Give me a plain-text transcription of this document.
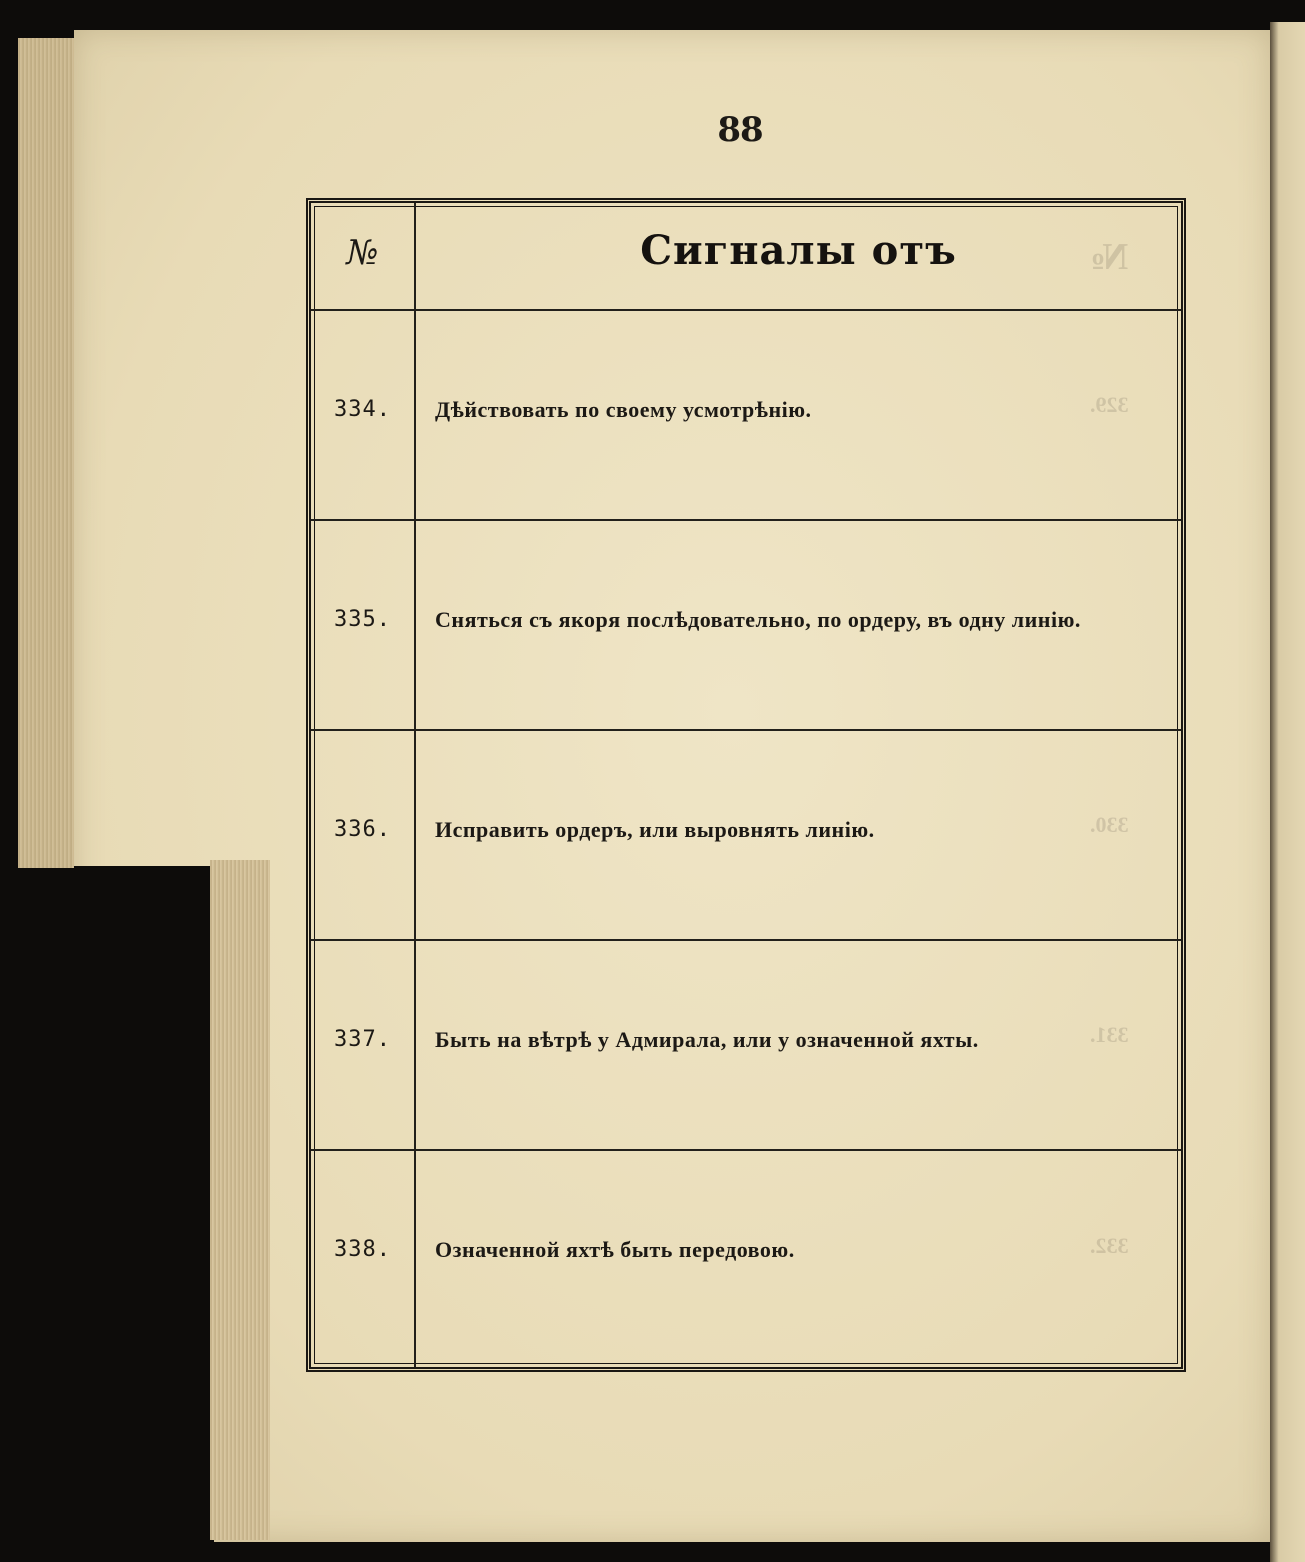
№
329.
330.
331.
332.
88
№	Сигналы отъ
334.	Дѣйствовать по своему усмотрѣнію.
335.	Сняться съ якоря послѣдовательно, по ордеру, въ одну линію.
336.	Исправить ордеръ, или выровнять линію.
337.	Быть на вѣтрѣ у Адмирала, или у означенной яхты.
338.	Означенной яхтѣ быть передовою.
